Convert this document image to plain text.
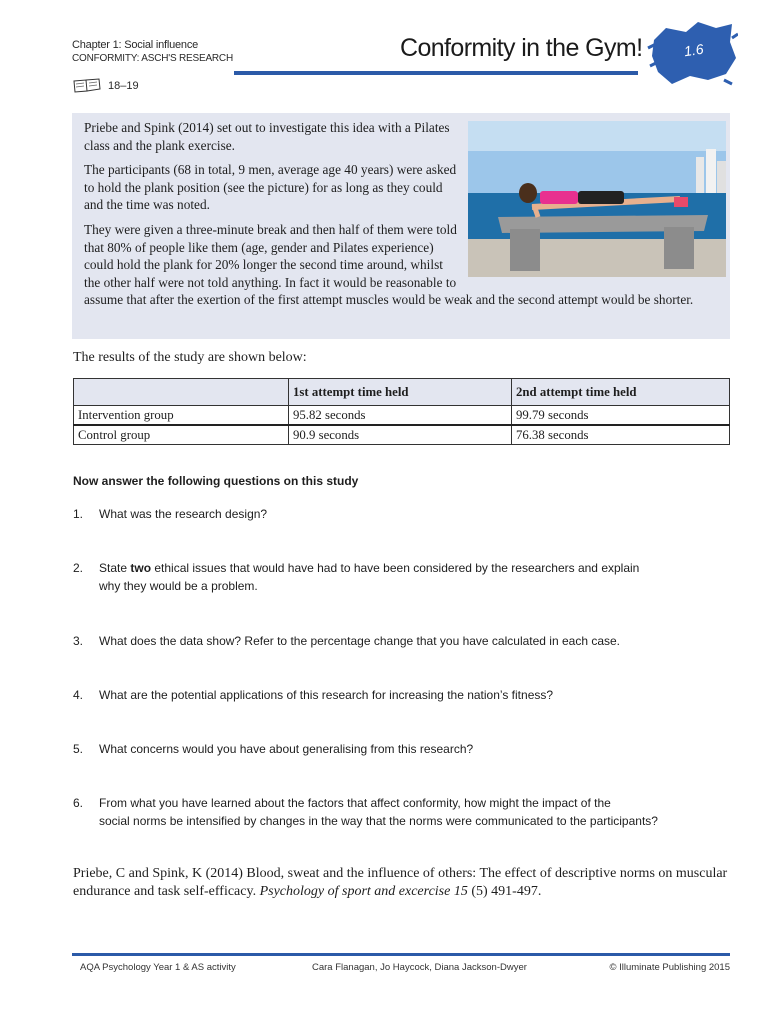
Chapter 1: Social influence
CONFORMITY: ASCH'S RESEARCH
18–19
Conformity in the Gym!	1.6

Priebe and Spink (2014) set out to investigate this idea with a Pilates class and the plank exercise.

The participants (68 in total, 9 men, average age 40 years) were asked to hold the plank position (see the picture) for as long as they could and the time was noted.

They were given a three-minute break and then half of them were told that 80% of people like them (age, gender and Pilates experience) could hold the plank for 20% longer the second time around, whilst the other half were not told anything. In fact it would be reasonable to assume that after the exertion of the first attempt muscles would be weak and the second attempt would be shorter.

The results of the study are shown below:
	1st attempt time held	2nd attempt time held
Intervention group	95.82 seconds	99.79 seconds
Control group	90.9 seconds	76.38 seconds
Now answer the following questions on this study
1. What was the research design?
2. State two ethical issues that would have had to have been considered by the researchers and explain
why they would be a problem.
3. What does the data show? Refer to the percentage change that you have calculated in each case.
4. What are the potential applications of this research for increasing the nation’s fitness?
5. What concerns would you have about generalising from this research?
6. From what you have learned about the factors that affect conformity, how might the impact of the
social norms be intensified by changes in the way that the norms were communicated to the participants?
Priebe, C and Spink, K (2014) Blood, sweat and the influence of others: The effect of descriptive norms on muscular endurance and task self-efficacy. Psychology of sport and excercise 15 (5) 491-497.
AQA Psychology Year 1 & AS activity	Cara Flanagan, Jo Haycock, Diana Jackson-Dwyer	© Illuminate Publishing 2015
